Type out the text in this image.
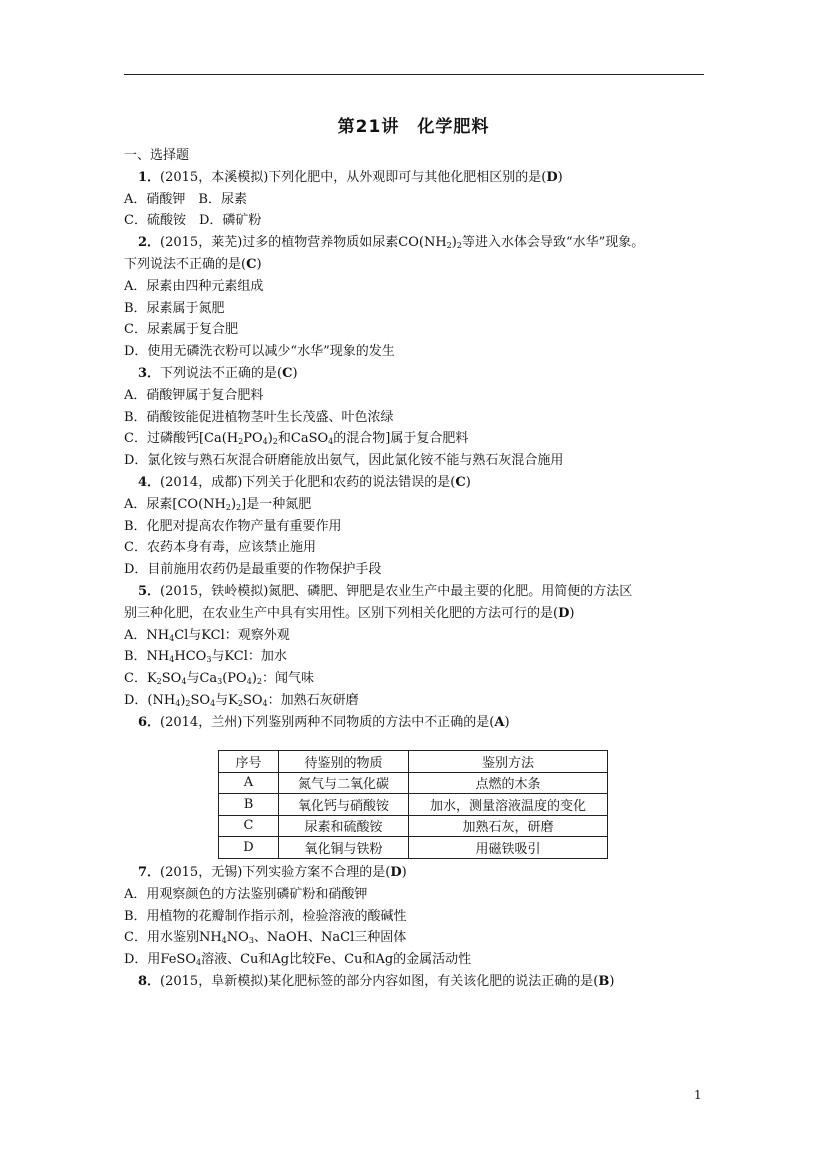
第21讲　化学肥料
一、选择题
1．(2015，本溪模拟)下列化肥中，从外观即可与其他化肥相区别的是(D)
A．硝酸钾　B．尿素
C．硫酸铵　D．磷矿粉
2．(2015，莱芜)过多的植物营养物质如尿素$CO(NH_2)_2$等进入水体会导致“水华”现象。
下列说法不正确的是(C)
A．尿素由四种元素组成
B．尿素属于氮肥
C．尿素属于复合肥
D．使用无磷洗衣粉可以减少“水华”现象的发生
3．下列说法不正确的是(C)
A．硝酸钾属于复合肥料
B．硝酸铵能促进植物茎叶生长茂盛、叶色浓绿
C．过磷酸钙[$Ca(H_2PO_4)_2$和CaSO$_4$的混合物]属于复合肥料
D．氯化铵与熟石灰混合研磨能放出氨气，因此氯化铵不能与熟石灰混合施用
4．(2014，成都)下列关于化肥和农药的说法错误的是(C)
A．尿素$[CO(NH_2)_2]$是一种氮肥
B．化肥对提高农作物产量有重要作用
C．农药本身有毒，应该禁止施用
D．目前施用农药仍是最重要的作物保护手段
5．(2015，铁岭模拟)氮肥、磷肥、钾肥是农业生产中最主要的化肥。用简便的方法区
别三种化肥，在农业生产中具有实用性。区别下列相关化肥的方法可行的是(D)
A．$NH_4Cl$与KCl：观察外观
B．$NH_4HCO_3$与KCl：加水
C．$K_2SO_4$与$Ca_3(PO_4)_2$：闻气味
D．$(NH_4)_2SO_4$与$K_2SO_4$：加熟石灰研磨
6．(2014，兰州)下列鉴别两种不同物质的方法中不正确的是(A)
序号	待鉴别的物质	鉴别方法
A	氮气与二氧化碳	点燃的木条
B	氧化钙与硝酸铵	加水，测量溶液温度的变化
C	尿素和硫酸铵	加熟石灰，研磨
D	氧化铜与铁粉	用磁铁吸引
7．(2015，无锡)下列实验方案不合理的是(D)
A．用观察颜色的方法鉴别磷矿粉和硝酸钾
B．用植物的花瓣制作指示剂，检验溶液的酸碱性
C．用水鉴别$NH_4NO_3$、NaOH、NaCl三种固体
D．用FeSO$_4$溶液、Cu和Ag比较Fe、Cu和Ag的金属活动性
8．(2015，阜新模拟)某化肥标签的部分内容如图，有关该化肥的说法正确的是(B)
1
